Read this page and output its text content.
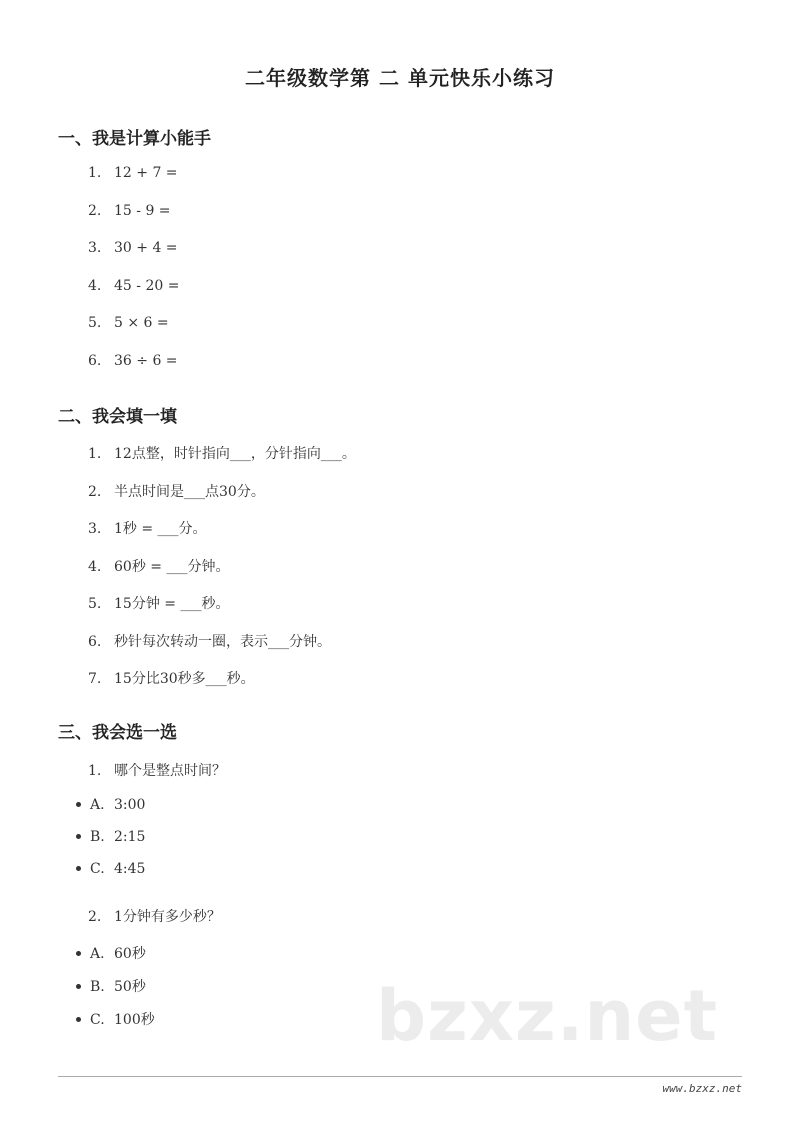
二年级数学第 二 单元快乐小练习
一、我是计算小能手
1. 12 + 7 =
2. 15 - 9 =
3. 30 + 4 =
4. 45 - 20 =
5. 5 × 6 =
6. 36 ÷ 6 =
二、我会填一填
1. 12点整，时针指向___，分针指向___。
2. 半点时间是___点30分。
3. 1秒 = ___分。
4. 60秒 = ___分钟。
5. 15分钟 = ___秒。
6. 秒针每次转动一圈，表示___分钟。
7. 15分比30秒多___秒。
三、我会选一选
1. 哪个是整点时间？
A. 3:00
B. 2:15
C. 4:45
2. 1分钟有多少秒？
A. 60秒
B. 50秒
C. 100秒	bzxz.net
www.bzxz.net
